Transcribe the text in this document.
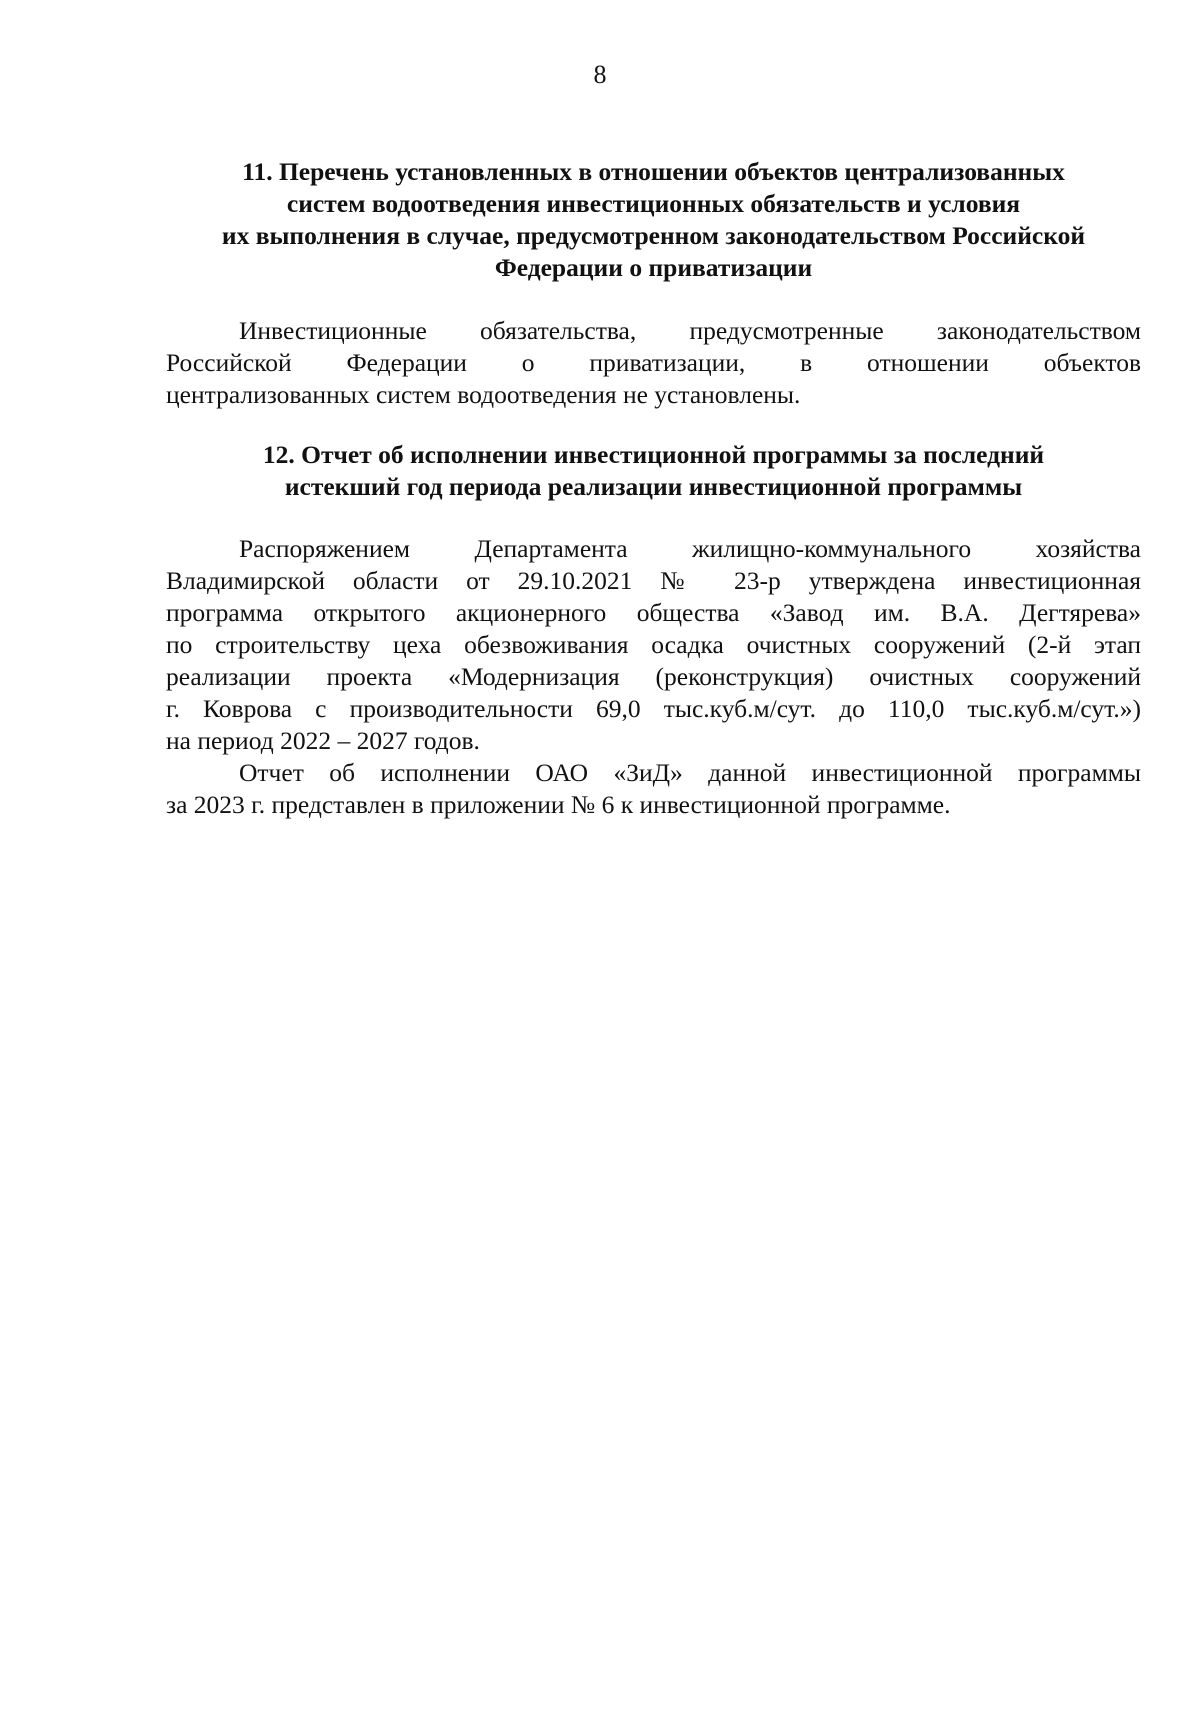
8
11. Перечень установленных в отношении объектов централизованных
систем водоотведения инвестиционных обязательств и условия
их выполнения в случае, предусмотренном законодательством Российской
Федерации о приватизации
Инвестиционные обязательства, предусмотренные законодательством
Российской Федерации о приватизации, в отношении объектов
централизованных систем водоотведения не установлены.
12. Отчет об исполнении инвестиционной программы за последний
истекший год периода реализации инвестиционной программы
Распоряжением Департамента жилищно-коммунального хозяйства
Владимирской области от 29.10.2021 № 23-р утверждена инвестиционная
программа открытого акционерного общества «Завод им. В.А. Дегтярева»
по строительству цеха обезвоживания осадка очистных сооружений (2-й этап
реализации проекта «Модернизация (реконструкция) очистных сооружений
г. Коврова с производительности 69,0 тыс.куб.м/сут. до 110,0 тыс.куб.м/сут.»)
на период 2022 – 2027 годов.
Отчет об исполнении ОАО «ЗиД» данной инвестиционной программы
за 2023 г. представлен в приложении № 6 к инвестиционной программе.
